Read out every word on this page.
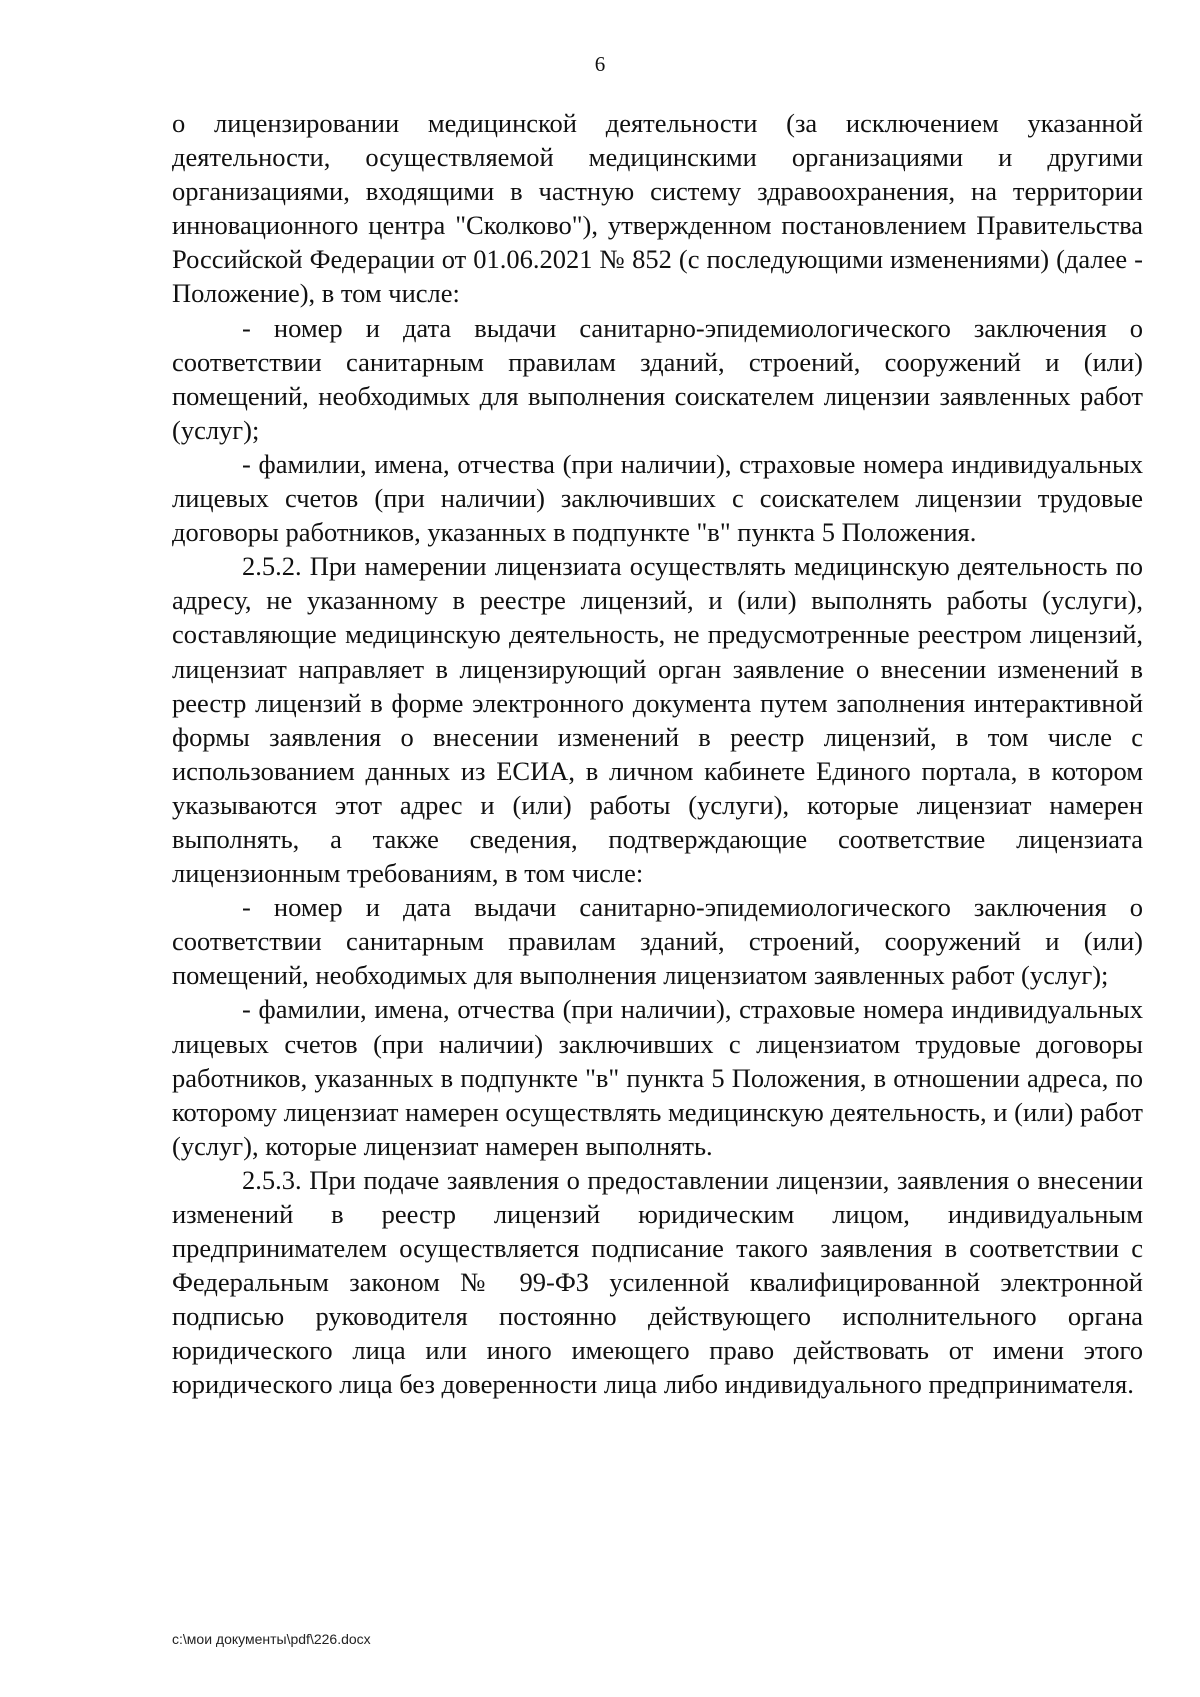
6

о лицензировании медицинской деятельности (за исключением указанной деятельности, осуществляемой медицинскими организациями и другими организациями, входящими в частную систему здравоохранения, на территории инновационного центра "Сколково"), утвержденном постановлением Правительства Российской Федерации от 01.06.2021 № 852 (с последующими изменениями) (далее - Положение), в том числе:

- номер и дата выдачи санитарно-эпидемиологического заключения о соответствии санитарным правилам зданий, строений, сооружений и (или) помещений, необходимых для выполнения соискателем лицензии заявленных работ (услуг);

- фамилии, имена, отчества (при наличии), страховые номера индивидуальных лицевых счетов (при наличии) заключивших с соискателем лицензии трудовые договоры работников, указанных в подпункте "в" пункта 5 Положения.

2.5.2. При намерении лицензиата осуществлять медицинскую деятельность по адресу, не указанному в реестре лицензий, и (или) выполнять работы (услуги), составляющие медицинскую деятельность, не предусмотренные реестром лицензий, лицензиат направляет в лицензирующий орган заявление о внесении изменений в реестр лицензий в форме электронного документа путем заполнения интерактивной формы заявления о внесении изменений в реестр лицензий, в том числе с использованием данных из ЕСИА, в личном кабинете Единого портала, в котором указываются этот адрес и (или) работы (услуги), которые лицензиат намерен выполнять, а также сведения, подтверждающие соответствие лицензиата лицензионным требованиям, в том числе:

- номер и дата выдачи санитарно-эпидемиологического заключения о соответствии санитарным правилам зданий, строений, сооружений и (или) помещений, необходимых для выполнения лицензиатом заявленных работ (услуг);

- фамилии, имена, отчества (при наличии), страховые номера индивидуальных лицевых счетов (при наличии) заключивших с лицензиатом трудовые договоры работников, указанных в подпункте "в" пункта 5 Положения, в отношении адреса, по которому лицензиат намерен осуществлять медицинскую деятельность, и (или) работ (услуг), которые лицензиат намерен выполнять.

2.5.3. При подаче заявления о предоставлении лицензии, заявления о внесении изменений в реестр лицензий юридическим лицом, индивидуальным предпринимателем осуществляется подписание такого заявления в соответствии с Федеральным законом № 99-ФЗ усиленной квалифицированной электронной подписью руководителя постоянно действующего исполнительного органа юридического лица или иного имеющего право действовать от имени этого юридического лица без доверенности лица либо индивидуального предпринимателя.

c:\мои документы\pdf\226.docx
